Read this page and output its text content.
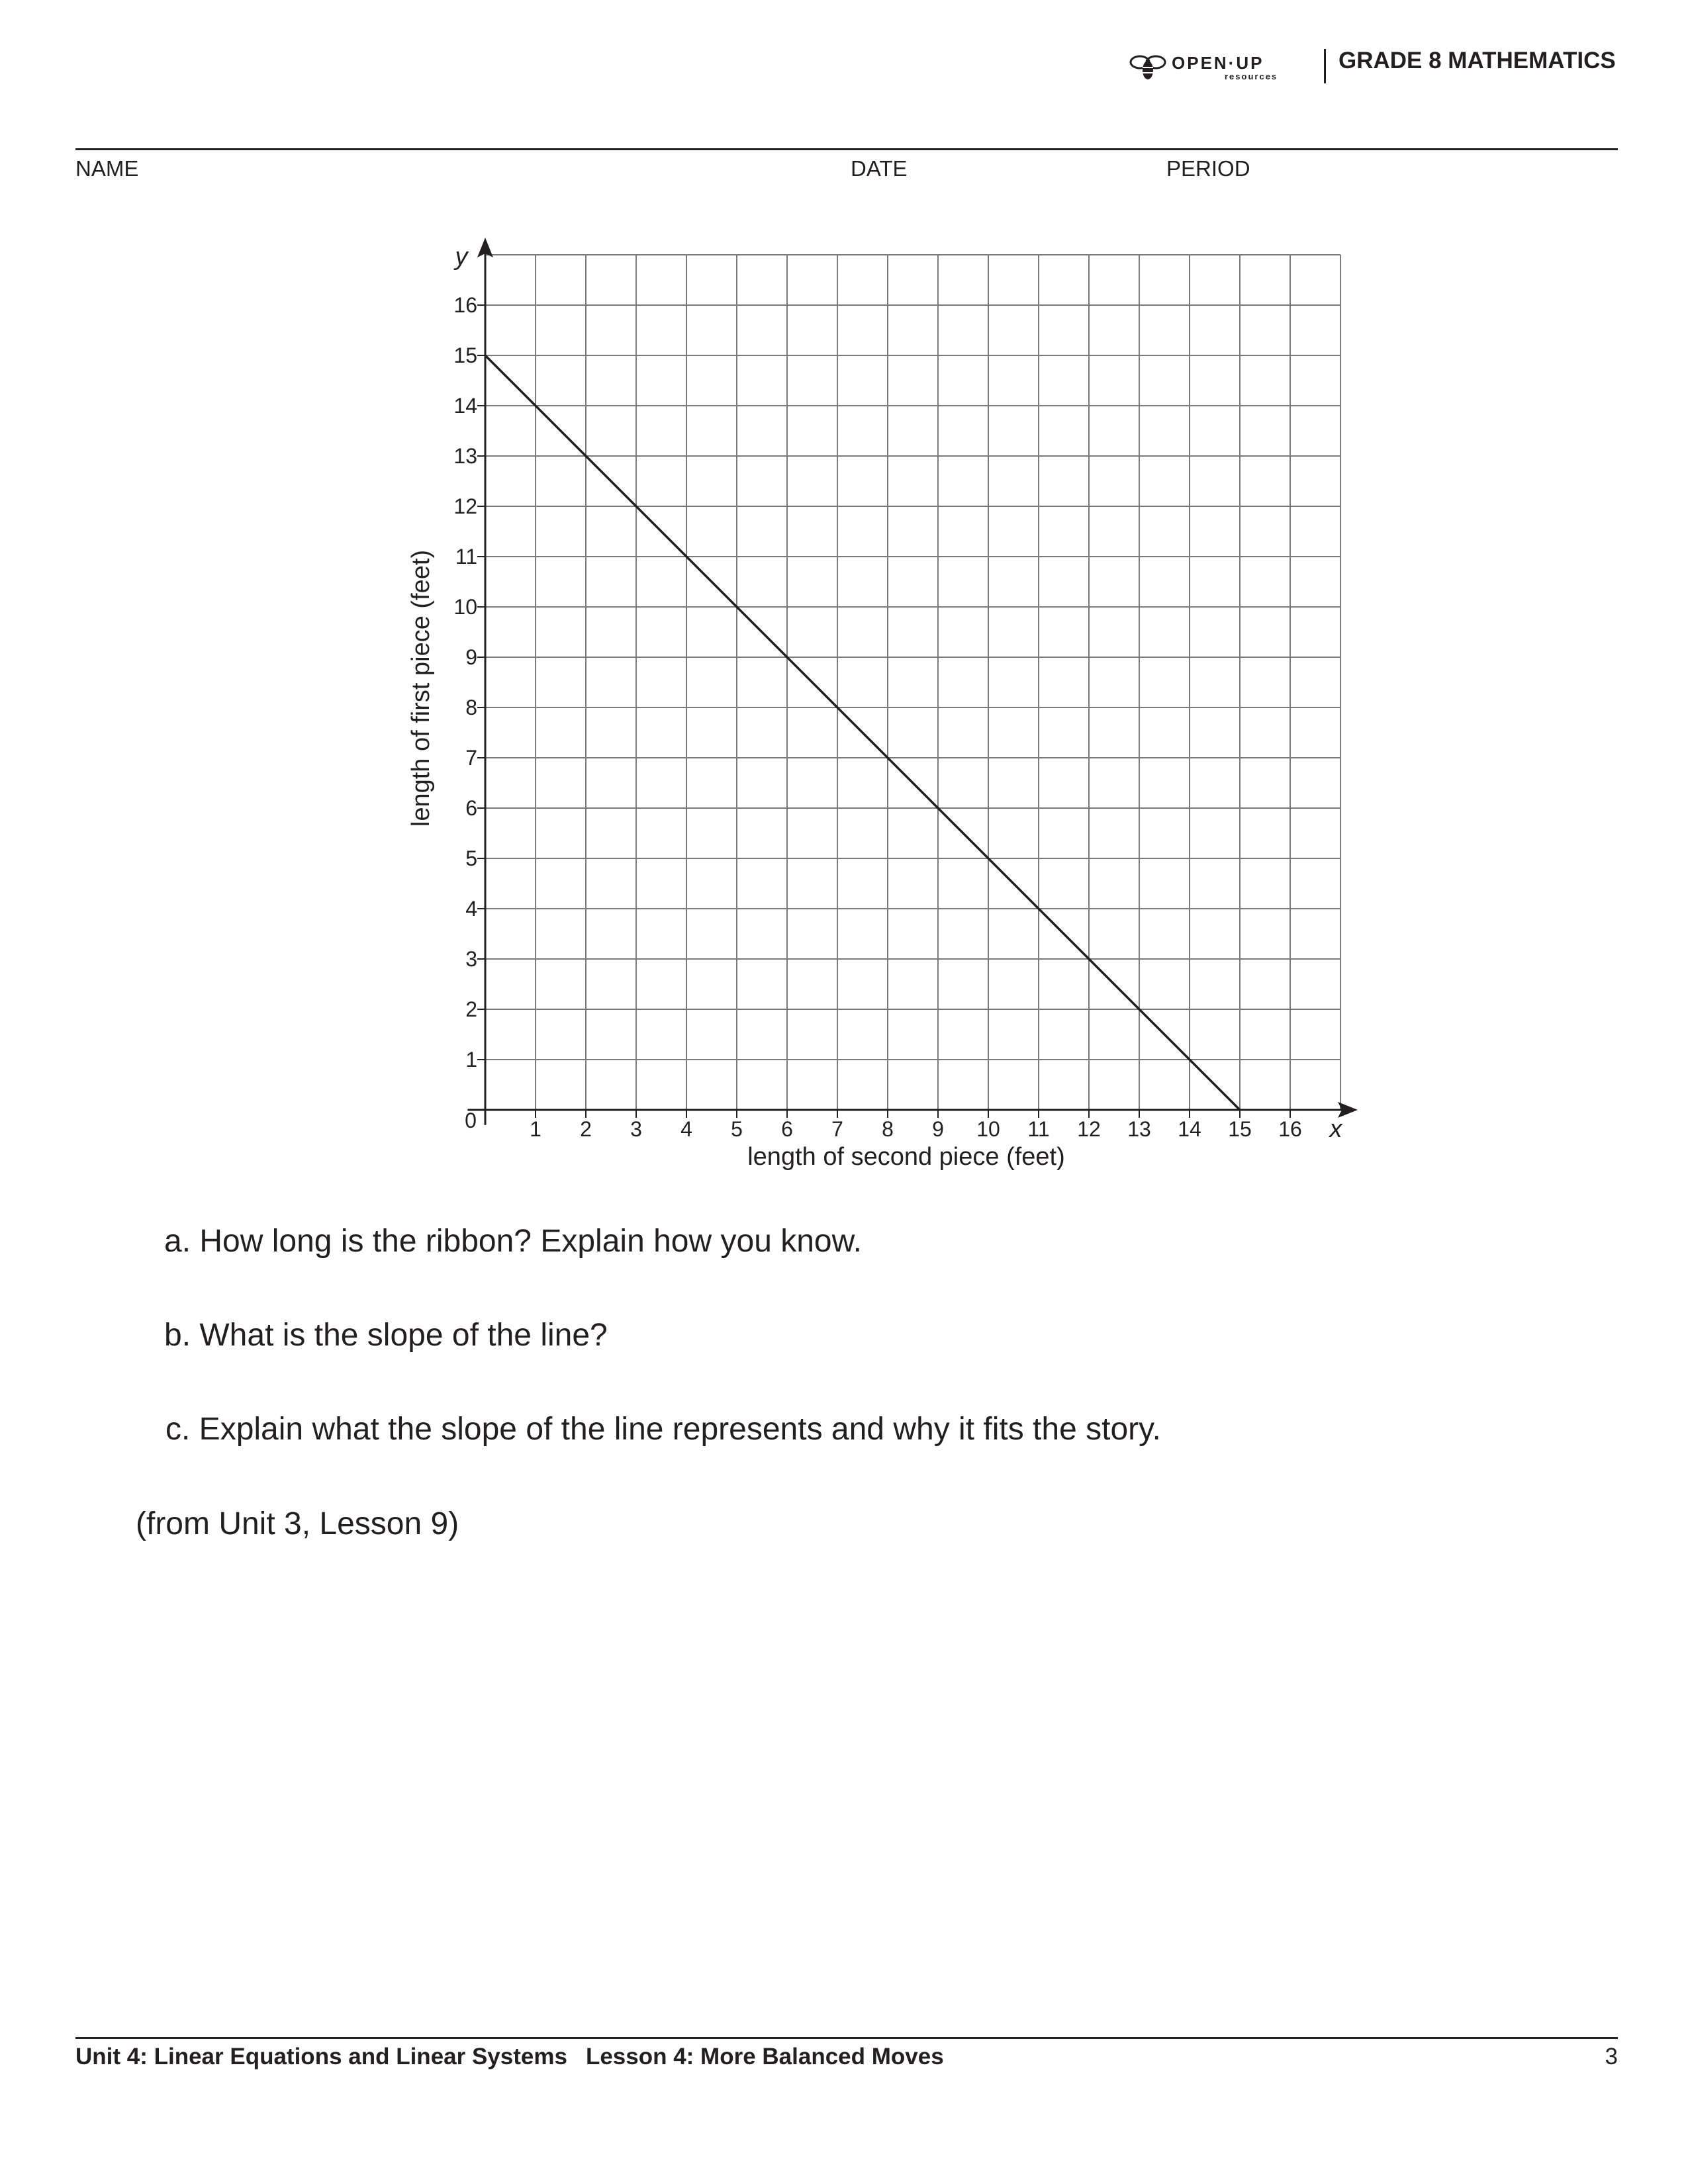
OPEN·UP
resources
GRADE 8 MATHEMATICS
NAME	DATE	PERIOD
1 2 3 4 5 6 7 8 9 10 11 12 13 14 15 16
1
2
3
4
5
6
7
8
9
10
11
12
13
14
15
16
length of second piece (feet)
length of first piece (feet)
x
y
0
a. How long is the ribbon? Explain how you know.
b. What is the slope of the line?
c. Explain what the slope of the line represents and why it fits the story.
(from Unit 3, Lesson 9)
Unit 4: Linear Equations and Linear Systems Lesson 4: More Balanced Moves	3
